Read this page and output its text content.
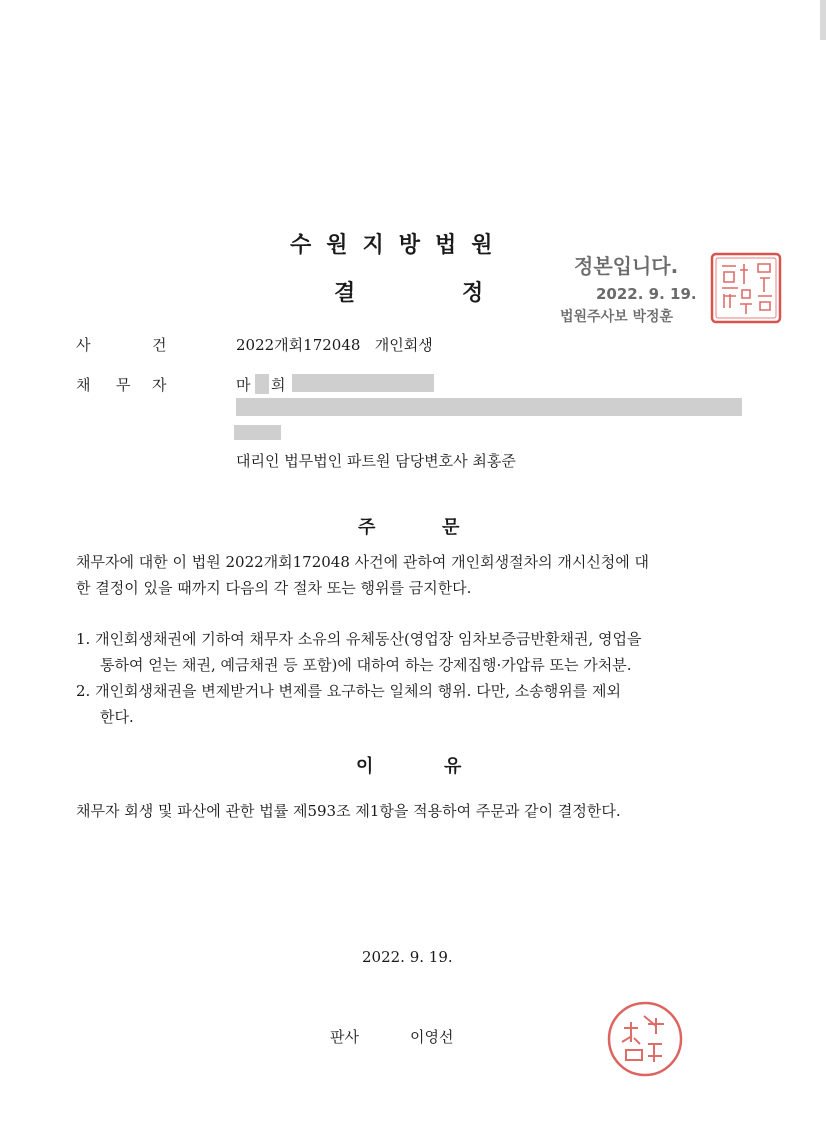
수원지방법원
결	정
정본입니다.
2022. 9. 19.
법원주사보 박정훈
사	건	2022개회172048   개인회생
채 무 자	마 희
대리인 법무법인 파트원 담당변호사 최홍준
주	문
채무자에 대한 이 법원 2022개회172048 사건에 관하여 개인회생절차의 개시신청에 대
한 결정이 있을 때까지 다음의 각 절차 또는 행위를 금지한다.
1. 개인회생채권에 기하여 채무자 소유의 유체동산(영업장 임차보증금반환채권, 영업을
통하여 얻는 채권, 예금채권 등 포함)에 대하여 하는 강제집행·가압류 또는 가처분.
2. 개인회생채권을 변제받거나 변제를 요구하는 일체의 행위. 다만, 소송행위를 제외
한다.
이	유
채무자 회생 및 파산에 관한 법률 제593조 제1항을 적용하여 주문과 같이 결정한다.
2022. 9. 19.
판사	이영선
